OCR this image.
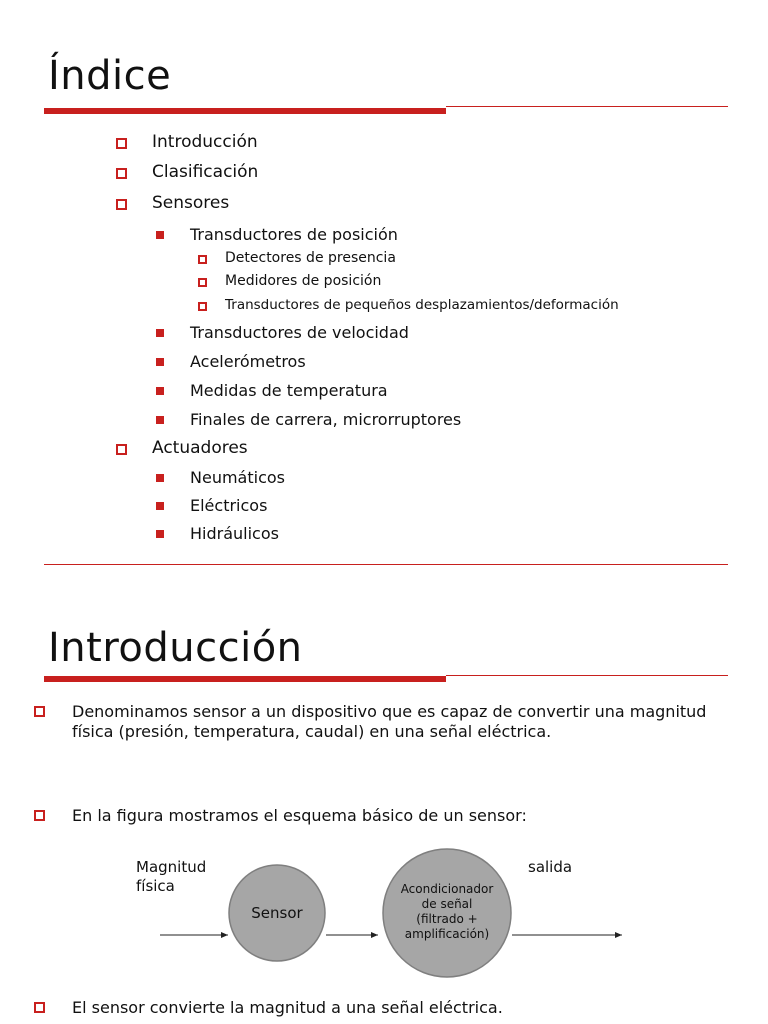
Índice
Introducción
Clasificación
Sensores
Transductores de posición
Detectores de presencia
Medidores de posición
Transductores de pequeños desplazamientos/deformación
Transductores de velocidad
Acelerómetros
Medidas de temperatura
Finales de carrera, microrruptores
Actuadores
Neumáticos
Eléctricos
Hidráulicos
Introducción
Denominamos sensor a un dispositivo que es capaz de convertir una magnitud física (presión, temperatura, caudal) en una señal eléctrica.
En la figura mostramos el esquema básico de un sensor:
Magnitud
física
Sensor
Acondicionador
de señal
(filtrado +
amplificación)
salida
El sensor convierte la magnitud a una señal eléctrica.
